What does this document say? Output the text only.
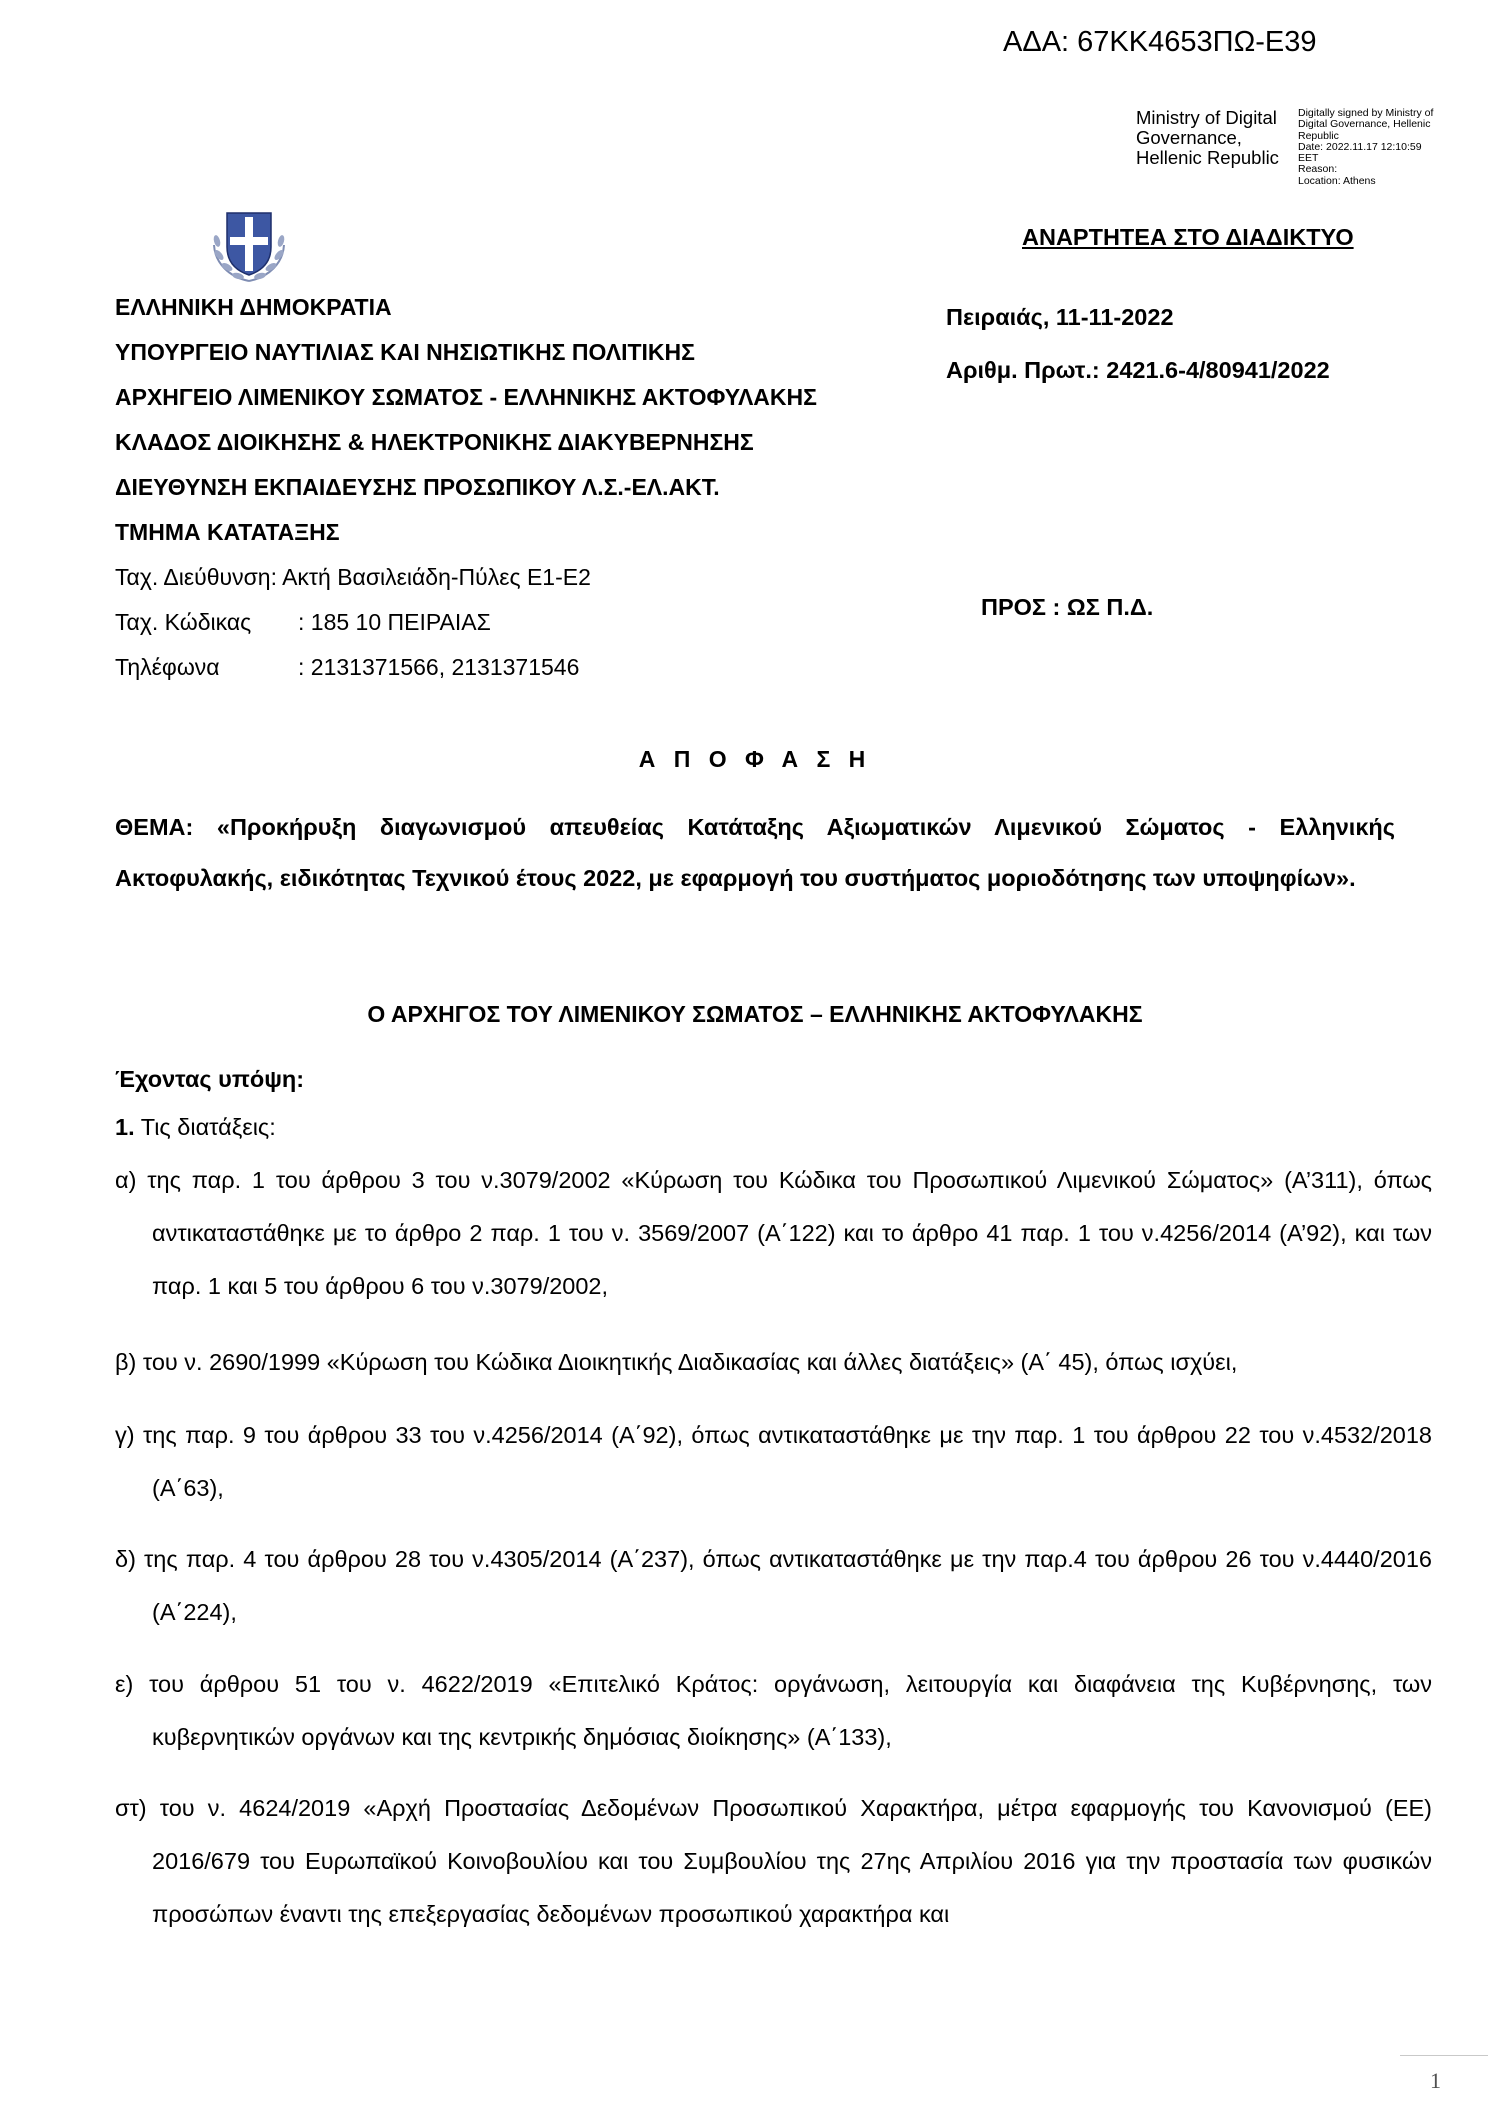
ΑΔΑ: 67ΚΚ4653ΠΩ-Ε39
Ministry of Digital
Governance,
Hellenic Republic
Digitally signed by Ministry of
Digital Governance, Hellenic
Republic
Date: 2022.11.17 12:10:59
EET
Reason:
Location: Athens
ΑΝΑΡΤΗΤΕΑ ΣΤΟ ΔΙΑΔΙΚΤΥΟ
ΕΛΛΗΝΙΚΗ ΔΗΜΟΚΡΑΤΙΑ
ΥΠΟΥΡΓΕΙΟ ΝΑΥΤΙΛΙΑΣ ΚΑΙ ΝΗΣΙΩΤΙΚΗΣ ΠΟΛΙΤΙΚΗΣ
ΑΡΧΗΓΕΙΟ ΛΙΜΕΝΙΚΟΥ ΣΩΜΑΤΟΣ - ΕΛΛΗΝΙΚΗΣ ΑΚΤΟΦΥΛΑΚΗΣ
ΚΛΑΔΟΣ ΔΙΟΙΚΗΣΗΣ & ΗΛΕΚΤΡΟΝΙΚΗΣ ΔΙΑΚΥΒΕΡΝΗΣΗΣ
ΔΙΕΥΘΥΝΣΗ ΕΚΠΑΙΔΕΥΣΗΣ ΠΡΟΣΩΠΙΚΟΥ Λ.Σ.-ΕΛ.ΑΚΤ.
ΤΜΗΜΑ ΚΑΤΑΤΑΞΗΣ
Ταχ. Διεύθυνση: Ακτή Βασιλειάδη-Πύλες Ε1-Ε2
Ταχ. Κώδικας : 185 10 ΠΕΙΡΑΙΑΣ
Τηλέφωνα	: 2131371566, 2131371546
Πειραιάς, 11-11-2022
Αριθμ. Πρωτ.: 2421.6-4/80941/2022
ΠΡΟΣ : ΩΣ Π.Δ.
Α Π Ο Φ Α Σ Η
ΘΕΜΑ: «Προκήρυξη διαγωνισμού απευθείας Κατάταξης Αξιωματικών Λιμενικού Σώματος - Ελληνικής Ακτοφυλακής, ειδικότητας Τεχνικού έτους 2022, με εφαρμογή του συστήματος μοριοδότησης των υποψηφίων».
Ο ΑΡΧΗΓΟΣ ΤΟΥ ΛΙΜΕΝΙΚΟΥ ΣΩΜΑΤΟΣ – ΕΛΛΗΝΙΚΗΣ ΑΚΤΟΦΥΛΑΚΗΣ
Έχοντας υπόψη:
1. Τις διατάξεις:
α) της παρ. 1 του άρθρου 3 του ν.3079/2002 «Κύρωση του Κώδικα του Προσωπικού Λιμενικού Σώματος» (Α’311), όπως αντικαταστάθηκε με το άρθρο 2 παρ. 1 του ν. 3569/2007 (Α΄122) και το άρθρο 41 παρ. 1 του ν.4256/2014 (Α’92), και των παρ. 1 και 5 του άρθρου 6 του ν.3079/2002,
β) του ν. 2690/1999 «Κύρωση του Κώδικα Διοικητικής Διαδικασίας και άλλες διατάξεις» (Α΄ 45), όπως ισχύει,
γ) της παρ. 9 του άρθρου 33 του ν.4256/2014 (Α΄92), όπως αντικαταστάθηκε με την παρ. 1 του άρθρου 22 του ν.4532/2018 (Α΄63),
δ) της παρ. 4 του άρθρου 28 του ν.4305/2014 (Α΄237), όπως αντικαταστάθηκε με την παρ.4 του άρθρου 26 του ν.4440/2016 (Α΄224),
ε) του άρθρου 51 του ν. 4622/2019 «Επιτελικό Κράτος: οργάνωση, λειτουργία και διαφάνεια της Κυβέρνησης, των κυβερνητικών οργάνων και της κεντρικής δημόσιας διοίκησης» (Α΄133),
στ) του ν. 4624/2019 «Αρχή Προστασίας Δεδομένων Προσωπικού Χαρακτήρα, μέτρα εφαρμογής του Κανονισμού (ΕΕ) 2016/679 του Ευρωπαϊκού Κοινοβουλίου και του Συμβουλίου της 27ης Απριλίου 2016 για την προστασία των φυσικών προσώπων έναντι της επεξεργασίας δεδομένων προσωπικού χαρακτήρα και
1
